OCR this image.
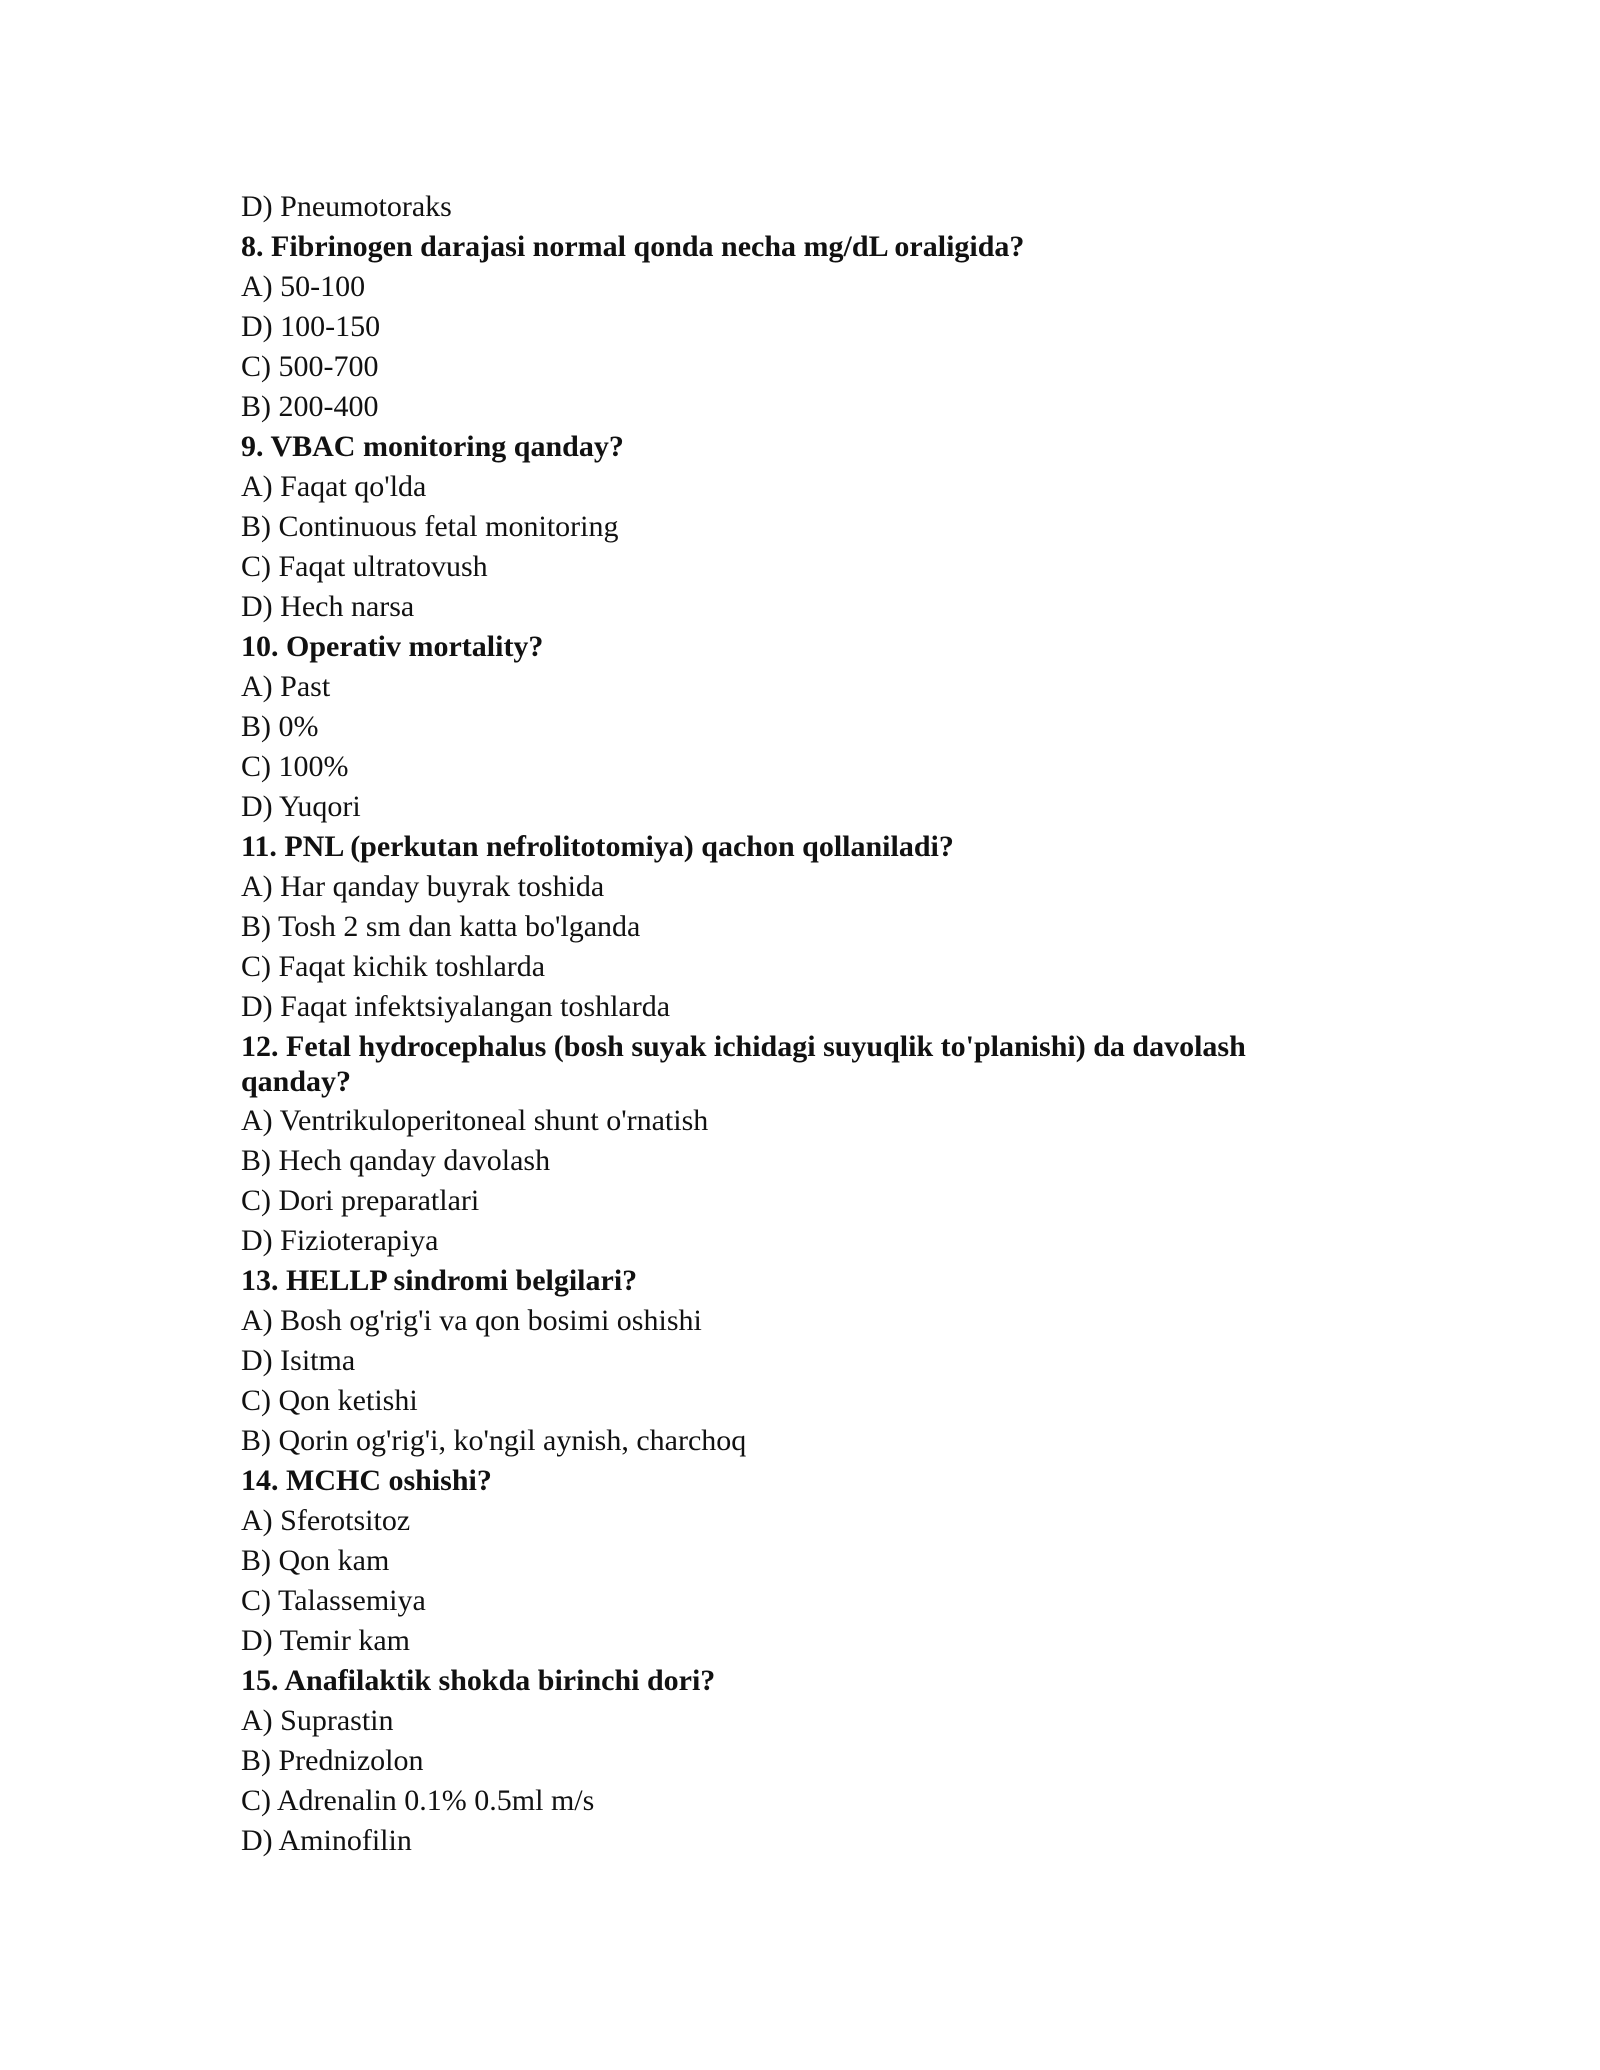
D) Pneumotoraks
8. Fibrinogen darajasi normal qonda necha mg/dL oraligida?
A) 50-100
D) 100-150
C) 500-700
B) 200-400
9. VBAC monitoring qanday?
A) Faqat qo'lda
B) Continuous fetal monitoring
C) Faqat ultratovush
D) Hech narsa
10. Operativ mortality?
A) Past
B) 0%
C) 100%
D) Yuqori
11. PNL (perkutan nefrolitotomiya) qachon qollaniladi?
A) Har qanday buyrak toshida
B) Tosh 2 sm dan katta bo'lganda
C) Faqat kichik toshlarda
D) Faqat infektsiyalangan toshlarda
12. Fetal hydrocephalus (bosh suyak ichidagi suyuqlik to'planishi) da davolash qanday?
A) Ventrikuloperitoneal shunt o'rnatish
B) Hech qanday davolash
C) Dori preparatlari
D) Fizioterapiya
13. HELLP sindromi belgilari?
A) Bosh og'rig'i va qon bosimi oshishi
D) Isitma
C) Qon ketishi
B) Qorin og'rig'i, ko'ngil aynish, charchoq
14. MCHC oshishi?
A) Sferotsitoz
B) Qon kam
C) Talassemiya
D) Temir kam
15. Anafilaktik shokda birinchi dori?
A) Suprastin
B) Prednizolon
C) Adrenalin 0.1% 0.5ml m/s
D) Aminofilin
